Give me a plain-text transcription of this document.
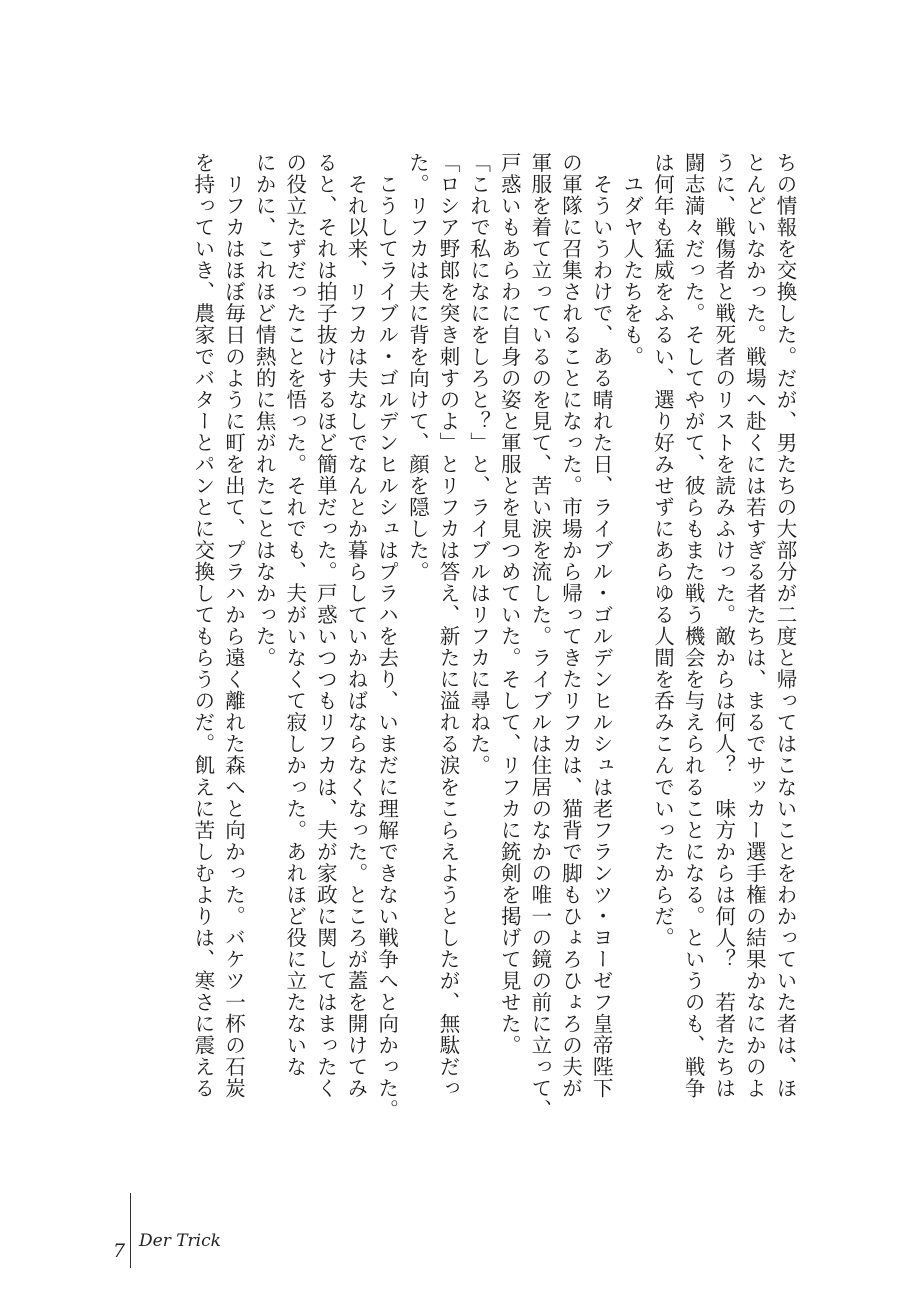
ちの情報を交換した。だが、男たちの大部分が二度と帰ってはこないことをわかっていた者は、ほ

とんどいなかった。戦場へ赴くには若すぎる者たちは、まるでサッカー選手権の結果かなにかのよ

うに、戦傷者と戦死者のリストを読みふけった。敵からは何人？　味方からは何人？　若者たちは

闘志満々だった。そしてやがて、彼らもまた戦う機会を与えられることになる。というのも、戦争

は何年も猛威をふるい、選り好みせずにあらゆる人間を呑みこんでいったからだ。

　ユダヤ人たちをも。

　そういうわけで、ある晴れた日、ライブル・ゴルデンヒルシュは老フランツ・ヨーゼフ皇帝陛下

の軍隊に召集されることになった。市場から帰ってきたリフカは、猫背で脚もひょろひょろの夫が

軍服を着て立っているのを見て、苦い涙を流した。ライブルは住居のなかの唯一の鏡の前に立って、

戸惑いもあらわに自身の姿と軍服とを見つめていた。そして、リフカに銃剣を掲げて見せた。

「これで私になにをしろと？」と、ライブルはリフカに尋ねた。

「ロシア野郎を突き刺すのよ」とリフカは答え、新たに溢れる涙をこらえようとしたが、無駄だっ

た。リフカは夫に背を向けて、顔を隠した。

　こうしてライブル・ゴルデンヒルシュはプラハを去り、いまだに理解できない戦争へと向かった。

　それ以来、リフカは夫なしでなんとか暮らしていかねばならなくなった。ところが蓋を開けてみ

ると、それは拍子抜けするほど簡単だった。戸惑いつつもリフカは、夫が家政に関してはまったく

の役立たずだったことを悟った。それでも、夫がいなくて寂しかった。あれほど役に立たないな

にかに、これほど情熱的に焦がれたことはなかった。

　リフカはほぼ毎日のように町を出て、プラハから遠く離れた森へと向かった。バケツ一杯の石炭

を持っていき、農家でバターとパンとに交換してもらうのだ。飢えに苦しむよりは、寒さに震える

7 Der Trick
